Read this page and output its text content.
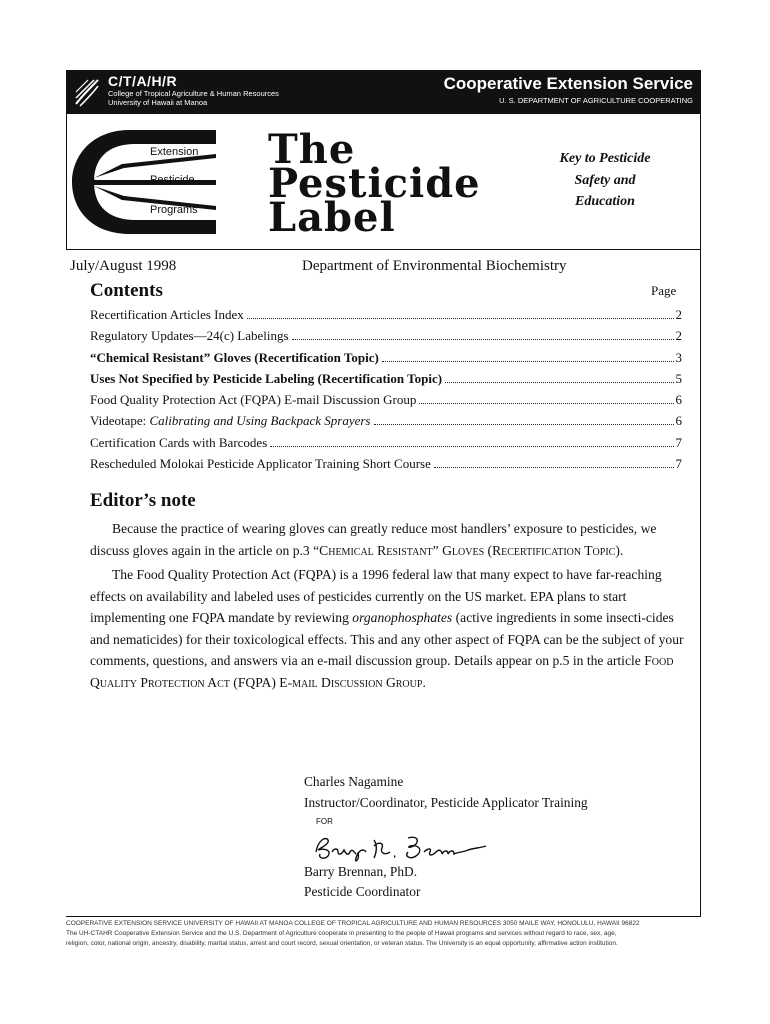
C/T/A/H/R
College of Tropical Agriculture & Human Resources
University of Hawaii at Manoa
Cooperative Extension Service
U. S. DEPARTMENT OF AGRICULTURE COOPERATING
Extension
Pesticide
Programs
The
Pesticide
Label
Key to Pesticide
Safety and
Education
July/August 1998	Department of Environmental Biochemistry
Contents	Page
Recertification Articles Index	2
Regulatory Updates—24(c) Labelings	2
“Chemical Resistant” Gloves (Recertification Topic)	3
Uses Not Specified by Pesticide Labeling (Recertification Topic)	5
Food Quality Protection Act (FQPA) E-mail Discussion Group	6
Videotape: Calibrating and Using Backpack Sprayers	6
Certification Cards with Barcodes	7
Rescheduled Molokai Pesticide Applicator Training Short Course	7
Editor’s note

Because the practice of wearing gloves can greatly reduce most handlers’ exposure to pesticides, we discuss gloves again in the article on p.3 “Chemical Resistant” Gloves (Recertification Topic).

The Food Quality Protection Act (FQPA) is a 1996 federal law that many expect to have far-reaching effects on availability and labeled uses of pesticides currently on the US market. EPA plans to start implementing one FQPA mandate by reviewing organophosphates (active ingredients in some insecti-cides and nematicides) for their toxicological effects. This and any other aspect of FQPA can be the subject of your comments, questions, and answers via an e-mail discussion group. Details appear on p.5 in the article Food Quality Protection Act (FQPA) E-mail Discussion Group.

Charles Nagamine
Instructor/Coordinator, Pesticide Applicator Training
FOR
Barry Brennan, PhD.
Pesticide Coordinator
COOPERATIVE EXTENSION SERVICE UNIVERSITY OF HAWAII AT MANOA COLLEGE OF TROPICAL AGRICULTURE AND HUMAN RESOURCES 3050 MAILE WAY, HONOLULU, HAWAII 96822
The UH-CTAHR Cooperative Extension Service and the U.S. Department of Agriculture cooperate in presenting to the people of Hawaii programs and services without regard to race, sex, age,
religion, color, national origin, ancestry, disability, marital status, arrest and court record, sexual orientation, or veteran status. The University is an equal opportunity, affirmative action institution.
